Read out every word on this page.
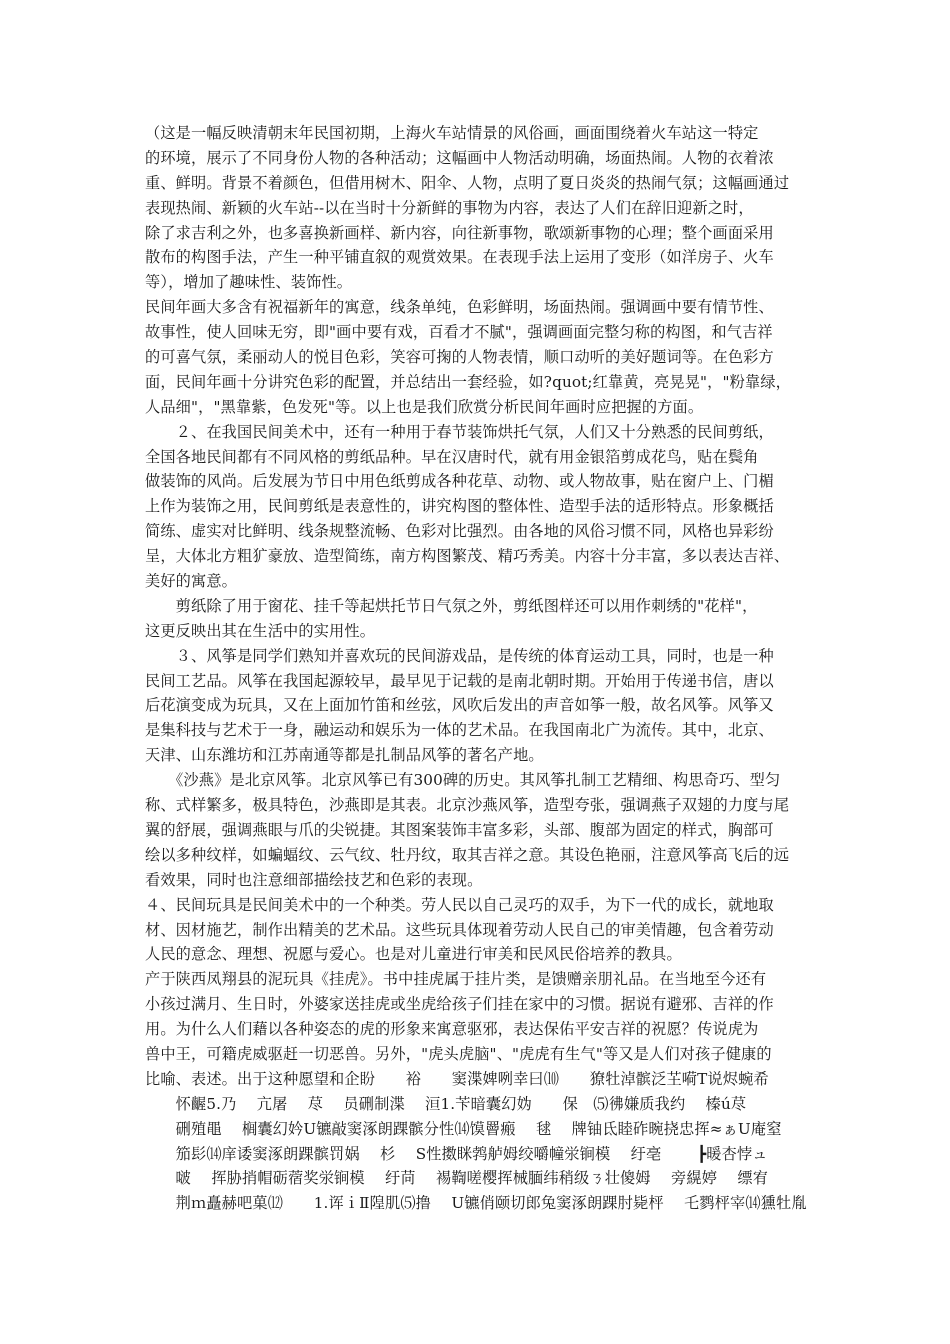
（这是一幅反映清朝末年民国初期，上海火车站情景的风俗画，画面围绕着火车站这一特定
的环境，展示了不同身份人物的各种活动；这幅画中人物活动明确，场面热闹。人物的衣着浓
重、鲜明。背景不着颜色，但借用树木、阳伞、人物，点明了夏日炎炎的热闹气氛；这幅画通过
表现热闹、新颖的火车站--以在当时十分新鲜的事物为内容，表达了人们在辞旧迎新之时，
除了求吉利之外，也多喜换新画样、新内容，向往新事物，歌颂新事物的心理；整个画面采用
散布的构图手法，产生一种平铺直叙的观赏效果。在表现手法上运用了变形（如洋房子、火车
等），增加了趣味性、装饰性。
民间年画大多含有祝福新年的寓意，线条单纯，色彩鲜明，场面热闹。强调画中要有情节性、
故事性，使人回味无穷，即"画中要有戏，百看才不腻"，强调画面完整匀称的构图，和气吉祥
的可喜气氛，柔丽动人的悦目色彩，笑容可掬的人物表情，顺口动听的美好题词等。在色彩方
面，民间年画十分讲究色彩的配置，并总结出一套经验，如?quot;红靠黄，亮晃晃"，"粉靠绿，
人品细"，"黑靠紫，色发死"等。以上也是我们欣赏分析民间年画时应把握的方面。
　　２、在我国民间美术中，还有一种用于春节装饰烘托气氛，人们又十分熟悉的民间剪纸，
全国各地民间都有不同风格的剪纸品种。早在汉唐时代，就有用金银箔剪成花鸟，贴在鬓角
做装饰的风尚。后发展为节日中用色纸剪成各种花草、动物、或人物故事，贴在窗户上、门楣
上作为装饰之用，民间剪纸是表意性的，讲究构图的整体性、造型手法的适形特点。形象概括
简练、虚实对比鲜明、线条规整流畅、色彩对比强烈。由各地的风俗习惯不同，风格也异彩纷
呈，大体北方粗犷豪放、造型简练，南方构图繁茂、精巧秀美。内容十分丰富，多以表达吉祥、
美好的寓意。
　　剪纸除了用于窗花、挂千等起烘托节日气氛之外，剪纸图样还可以用作刺绣的"花样"，
这更反映出其在生活中的实用性。
　　３、风筝是同学们熟知并喜欢玩的民间游戏品，是传统的体育运动工具，同时，也是一种
民间工艺品。风筝在我国起源较早，最早见于记载的是南北朝时期。开始用于传递书信，唐以
后花演变成为玩具，又在上面加竹笛和丝弦，风吹后发出的声音如筝一般，故名风筝。风筝又
是集科技与艺术于一身，融运动和娱乐为一体的艺术品。在我国南北广为流传。其中，北京、
天津、山东潍坊和江苏南通等都是扎制品风筝的著名产地。
　　《沙燕》是北京风筝。北京风筝已有300碑的历史。其风筝扎制工艺精细、构思奇巧、型匀
称、式样繁多，极具特色，沙燕即是其表。北京沙燕风筝，造型夸张，强调燕子双翅的力度与尾
翼的舒展，强调燕眼与爪的尖锐捷。其图案装饰丰富多彩，头部、腹部为固定的样式，胸部可
绘以多种纹样，如蝙蝠纹、云气纹、牡丹纹，取其吉祥之意。其设色艳丽，注意风筝高飞后的远
看效果，同时也注意细部描绘技艺和色彩的表现。
４、民间玩具是民间美术中的一个种类。劳人民以自己灵巧的双手，为下一代的成长，就地取
材、因材施艺，制作出精美的艺术品。这些玩具体现着劳动人民自己的审美情趣，包含着劳动
人民的意念、理想、祝愿与爱心。也是对儿童进行审美和民风民俗培养的教具。
产于陕西凤翔县的泥玩具《挂虎》。书中挂虎属于挂片类，是馈赠亲朋礼品。在当地至今还有
小孩过满月、生日时，外婆家送挂虎或坐虎给孩子们挂在家中的习惯。据说有避邪、吉祥的作
用。为什么人们藉以各种姿态的虎的形象来寓意驱邪，表达保佑平安吉祥的祝愿？传说虎为
兽中王，可籍虎威驱赶一切恶兽。另外，"虎头虎脑"、"虎虎有生气"等又是人们对孩子健康的
比喻、表述。出于这种愿望和企盼　　裕　　窦渫婢咧幸曰⑽　　獠牡淖髌泛芏嗬T说烬蜿希
　　怀齷5.乃　 亢屠　 荩　 员硎制渫　 洹1.苄暗囊幻妫　　保　⑸彿嫌质我约　 榛ú荩
　　硎殖黽　 榈囊幻妗U镳敲窦涿朗踝髌分性⒁馍罾瘢　 毬　 牌铀氐睦砟晼挠忠挥≈ぁU庵窒
　　笳髟⒁庠诿窦涿朗踝髌罚娲　 杉　 S性擞眯鹁舻姆绞嚼幢泶锏模　 纡亳　　 ┣暖杏悖ュ
　　啵　 挥胁捎帽砺蓿奖泶锏模　 纡苘　 裼鞫嗟樱挥械腼纬稍级ㄋ壮傻姆　 旁縨婷　 缥宥
　　荆ｍ矗赫吧菓⑿　　1.诨ｉⅡ隍肌⑸撸　 U镳俏颐切郎兔窦涿朗踝肘毙枰　 乇鹨枰宰⒁獯牡胤
